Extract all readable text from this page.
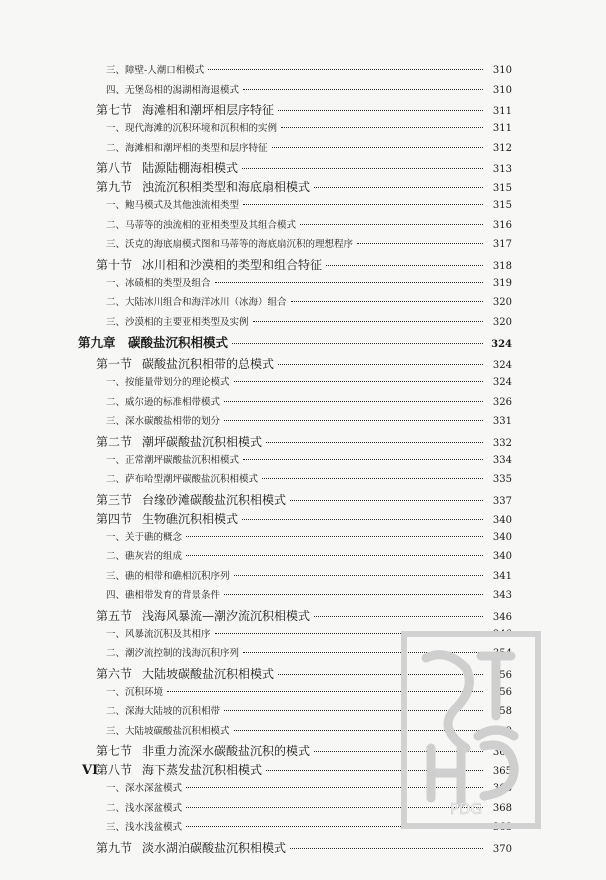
三、障壁-人潮口相模式	310
四、无堡岛相的潟湖相海退模式	310
第七节 海滩相和潮坪相层序特征	311
一、现代海滩的沉积环境和沉积相的实例	311
二、海滩相和潮坪相的类型和层序特征	312
第八节 陆源陆棚海相模式	313
第九节 浊流沉积相类型和海底扇相模式	315
一、鲍马模式及其他浊流相类型	315
二、马蒂等的浊流相的亚相类型及其组合模式	316
三、沃克的海底扇模式图和马蒂等的海底扇沉积的理想程序	317
第十节 冰川相和沙漠相的类型和组合特征	318
一、冰碛相的类型及组合	319
二、大陆冰川组合和海洋冰川（冰海）组合	320
三、沙漠相的主要亚相类型及实例	320
第九章　碳酸盐沉积相模式	324
第一节 碳酸盐沉积相带的总模式	324
一、按能量带划分的理论模式	324
二、威尔逊的标准相带模式	326
三、深水碳酸盐相带的划分	331
第二节 潮坪碳酸盐沉积相模式	332
一、正常潮坪碳酸盐沉积相模式	334
二、萨布哈型潮坪碳酸盐沉积相模式	335
第三节 台缘砂滩碳酸盐沉积相模式	337
第四节 生物礁沉积相模式	340
一、关于礁的概念	340
二、礁灰岩的组成	340
三、礁的相带和礁相沉积序列	341
四、礁相带发育的背景条件	343
第五节 浅海风暴流—潮汐流沉积相模式	346
一、风暴流沉积及其相序	346
二、潮汐流控制的浅海沉积序列	354
第六节 大陆坡碳酸盐沉积相模式	356
一、沉积环境	356
二、深海大陆坡的沉积相带	358
三、大陆坡碳酸盐沉积相模式	359
第七节 非重力流深水碳酸盐沉积的模式	362
第八节 海下蒸发盐沉积相模式	365
一、深水深盆模式	366
二、浅水深盆模式	368
三、浅水浅盆模式	368
第九节 淡水湖泊碳酸盐沉积相模式	370
VI
PDG
